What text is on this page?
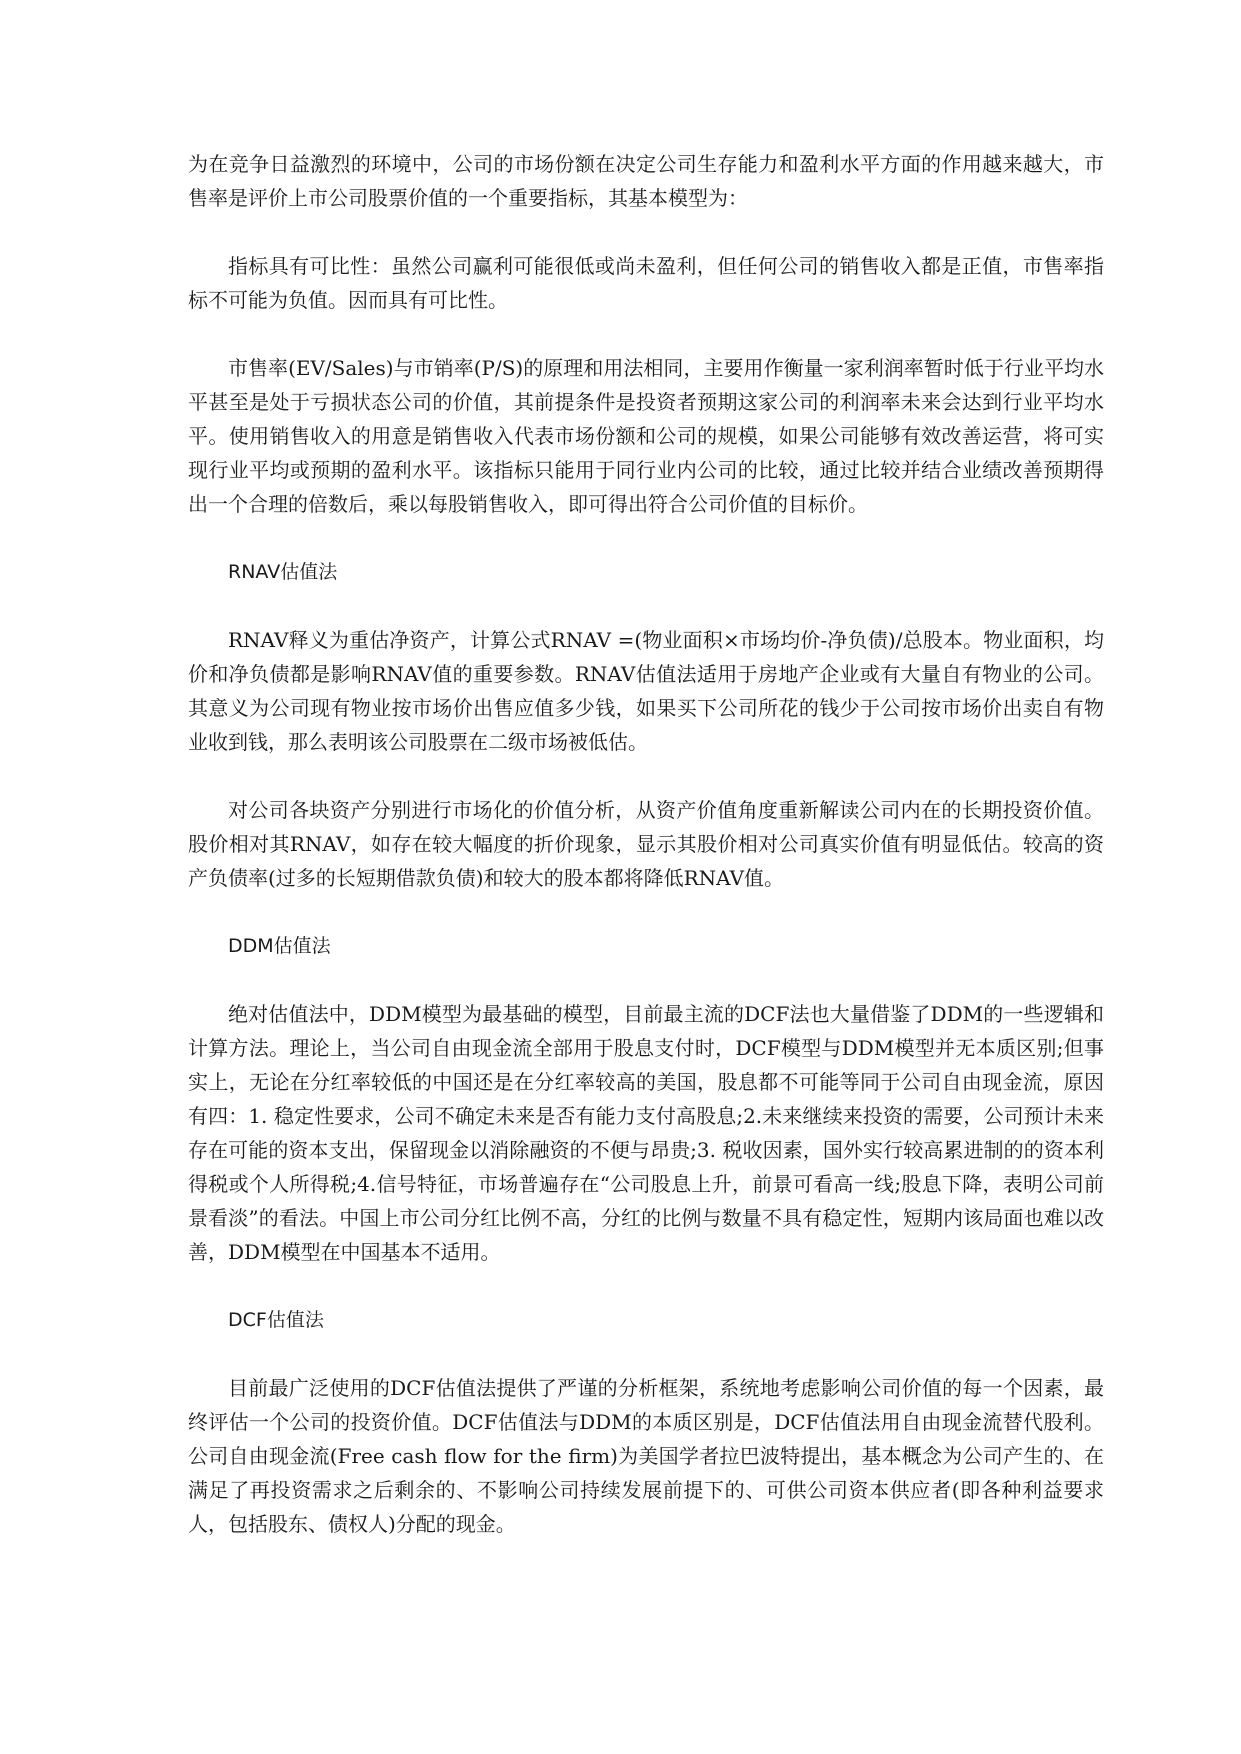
为在竞争日益激烈的环境中，公司的市场份额在决定公司生存能力和盈利水平方面的作用越来越大，市售率是评价上市公司股票价值的一个重要指标，其基本模型为：

指标具有可比性：虽然公司赢利可能很低或尚未盈利，但任何公司的销售收入都是正值，市售率指标不可能为负值。因而具有可比性。

市售率(EV/Sales)与市销率(P/S)的原理和用法相同，主要用作衡量一家利润率暂时低于行业平均水平甚至是处于亏损状态公司的价值，其前提条件是投资者预期这家公司的利润率未来会达到行业平均水平。使用销售收入的用意是销售收入代表市场份额和公司的规模，如果公司能够有效改善运营，将可实现行业平均或预期的盈利水平。该指标只能用于同行业内公司的比较，通过比较并结合业绩改善预期得出一个合理的倍数后，乘以每股销售收入，即可得出符合公司价值的目标价。

RNAV估值法

RNAV释义为重估净资产，计算公式RNAV =(物业面积×市场均价-净负债)/总股本。物业面积，均价和净负债都是影响RNAV值的重要参数。RNAV估值法适用于房地产企业或有大量自有物业的公司。其意义为公司现有物业按市场价出售应值多少钱，如果买下公司所花的钱少于公司按市场价出卖自有物业收到钱，那么表明该公司股票在二级市场被低估。

对公司各块资产分别进行市场化的价值分析，从资产价值角度重新解读公司内在的长期投资价值。股价相对其RNAV，如存在较大幅度的折价现象，显示其股价相对公司真实价值有明显低估。较高的资产负债率(过多的长短期借款负债)和较大的股本都将降低RNAV值。

DDM估值法

绝对估值法中，DDM模型为最基础的模型，目前最主流的DCF法也大量借鉴了DDM的一些逻辑和计算方法。理论上，当公司自由现金流全部用于股息支付时，DCF模型与DDM模型并无本质区别;但事实上，无论在分红率较低的中国还是在分红率较高的美国，股息都不可能等同于公司自由现金流，原因有四：1. 稳定性要求，公司不确定未来是否有能力支付高股息;2.未来继续来投资的需要，公司预计未来存在可能的资本支出，保留现金以消除融资的不便与昂贵;3. 税收因素，国外实行较高累进制的的资本利得税或个人所得税;4.信号特征，市场普遍存在“公司股息上升，前景可看高一线;股息下降，表明公司前景看淡”的看法。中国上市公司分红比例不高，分红的比例与数量不具有稳定性，短期内该局面也难以改善，DDM模型在中国基本不适用。

DCF估值法

目前最广泛使用的DCF估值法提供了严谨的分析框架，系统地考虑影响公司价值的每一个因素，最终评估一个公司的投资价值。DCF估值法与DDM的本质区别是，DCF估值法用自由现金流替代股利。公司自由现金流(Free cash flow for the firm)为美国学者拉巴波特提出，基本概念为公司产生的、在满足了再投资需求之后剩余的、不影响公司持续发展前提下的、可供公司资本供应者(即各种利益要求人，包括股东、债权人)分配的现金。
